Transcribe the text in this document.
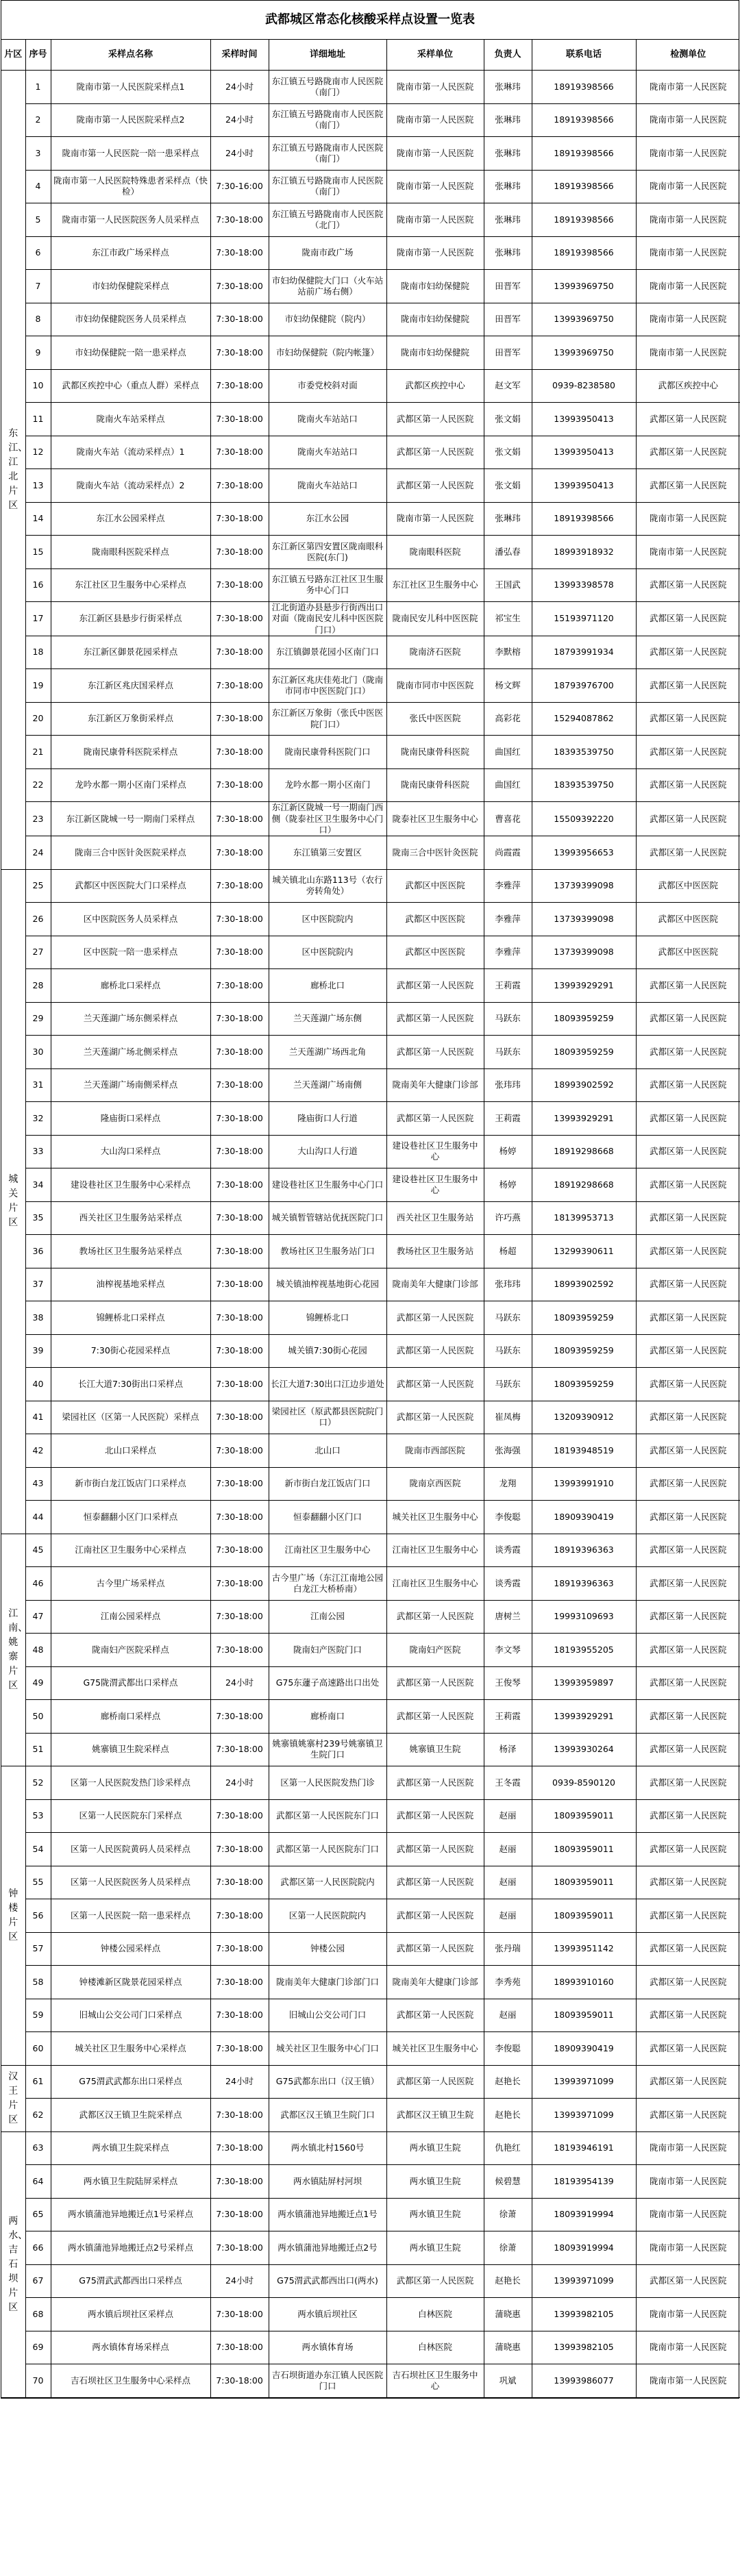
武都城区常态化核酸采样点设置一览表
片区	序号	采样点名称	采样时间	详细地址	采样单位	负责人	联系电话	检测单位
东江、江北片区	1	陇南市第一人民医院采样点1	24小时	东江镇五号路陇南市人民医院（南门）	陇南市第一人民医院	张琳玮	18919398566	陇南市第一人民医院
	2	陇南市第一人民医院采样点2	24小时	东江镇五号路陇南市人民医院（南门）	陇南市第一人民医院	张琳玮	18919398566	陇南市第一人民医院
	3	陇南市第一人民医院一陪一患采样点	24小时	东江镇五号路陇南市人民医院（南门）	陇南市第一人民医院	张琳玮	18919398566	陇南市第一人民医院
	4	陇南市第一人民医院特殊患者采样点（快检）	7:30-16:00	东江镇五号路陇南市人民医院（南门）	陇南市第一人民医院	张琳玮	18919398566	陇南市第一人民医院
	5	陇南市第一人民医院医务人员采样点	7:30-18:00	东江镇五号路陇南市人民医院（北门）	陇南市第一人民医院	张琳玮	18919398566	陇南市第一人民医院
	6	东江市政广场采样点	7:30-18:00	陇南市政广场	陇南市第一人民医院	张琳玮	18919398566	陇南市第一人民医院
	7	市妇幼保健院采样点	7:30-18:00	市妇幼保健院大门口（火车站站前广场右侧）	陇南市妇幼保健院	田晋军	13993969750	陇南市第一人民医院
	8	市妇幼保健院医务人员采样点	7:30-18:00	市妇幼保健院（院内）	陇南市妇幼保健院	田晋军	13993969750	陇南市第一人民医院
	9	市妇幼保健院一陪一患采样点	7:30-18:00	市妇幼保健院（院内帐篷）	陇南市妇幼保健院	田晋军	13993969750	陇南市第一人民医院
	10	武都区疾控中心（重点人群）采样点	7:30-18:00	市委党校斜对面	武都区疾控中心	赵文军	0939-8238580	武都区疾控中心
	11	陇南火车站采样点	7:30-18:00	陇南火车站站口	武都区第一人民医院	张文娟	13993950413	武都区第一人民医院
	12	陇南火车站（流动采样点）1	7:30-18:00	陇南火车站站口	武都区第一人民医院	张文娟	13993950413	武都区第一人民医院
	13	陇南火车站（流动采样点）2	7:30-18:00	陇南火车站站口	武都区第一人民医院	张文娟	13993950413	武都区第一人民医院
	14	东江水公园采样点	7:30-18:00	东江水公园	陇南市第一人民医院	张琳玮	18919398566	陇南市第一人民医院
	15	陇南眼科医院采样点	7:30-18:00	东江新区第四安置区陇南眼科医院(东门)	陇南眼科医院	潘弘春	18993918932	陇南市第一人民医院
	16	东江社区卫生服务中心采样点	7:30-18:00	东江镇五号路东江社区卫生服务中心门口	东江社区卫生服务中心	王国武	13993398578	武都区第一人民医院
	17	东江新区县悬步行街采样点	7:30-18:00	江北街道办县悬步行街西出口对面（陇南民安儿科中医医院门口）	陇南民安儿科中医医院	祁宝生	15193971120	武都区第一人民医院
	18	东江新区御景花园采样点	7:30-18:00	东江镇御景花园小区南门口	陇南济石医院	李默榕	18793991934	武都区第一人民医院
	19	东江新区兆庆国采样点	7:30-18:00	东江新区兆庆佳苑北门（陇南市同市中医医院门口）	陇南市同市中医医院	杨文辉	18793976700	武都区第一人民医院
	20	东江新区万象街采样点	7:30-18:00	东江新区万象街（张氏中医医院门口）	张氏中医医院	高彩花	15294087862	武都区第一人民医院
	21	陇南民康骨科医院采样点	7:30-18:00	陇南民康骨科医院门口	陇南民康骨科医院	曲国红	18393539750	武都区第一人民医院
	22	龙吟水都一期小区南门采样点	7:30-18:00	龙吟水都一期小区南门	陇南民康骨科医院	曲国红	18393539750	武都区第一人民医院
	23	东江新区陇城一号一期南门采样点	7:30-18:00	东江新区陇城一号一期南门西侧（陇泰社区卫生服务中心门口）	陇泰社区卫生服务中心	曹喜花	15509392220	武都区第一人民医院
	24	陇南三合中医针灸医院采样点	7:30-18:00	东江镇第三安置区	陇南三合中医针灸医院	尚霞霞	13993956653	武都区第一人民医院
城关片区	25	武都区中医医院大门口采样点	7:30-18:00	城关镇北山东路113号（农行旁转角处）	武都区中医医院	李雅萍	13739399098	武都区中医医院
	26	区中医院医务人员采样点	7:30-18:00	区中医院院内	武都区中医医院	李雅萍	13739399098	武都区中医医院
	27	区中医院一陪一患采样点	7:30-18:00	区中医院院内	武都区中医医院	李雅萍	13739399098	武都区中医医院
	28	廊桥北口采样点	7:30-18:00	廊桥北口	武都区第一人民医院	王莉霞	13993929291	武都区第一人民医院
	29	兰天莲湖广场东侧采样点	7:30-18:00	兰天莲湖广场东侧	武都区第一人民医院	马跃东	18093959259	武都区第一人民医院
	30	兰天莲湖广场北侧采样点	7:30-18:00	兰天莲湖广场西北角	武都区第一人民医院	马跃东	18093959259	武都区第一人民医院
	31	兰天莲湖广场南侧采样点	7:30-18:00	兰天莲湖广场南侧	陇南美年大健康门诊部	张玮玮	18993902592	武都区第一人民医院
	32	隆庙街口采样点	7:30-18:00	隆庙街口人行道	武都区第一人民医院	王莉霞	13993929291	武都区第一人民医院
	33	大山沟口采样点	7:30-18:00	大山沟口人行道	建设巷社区卫生服务中心	杨婷	18919298668	武都区第一人民医院
	34	建设巷社区卫生服务中心采样点	7:30-18:00	建设巷社区卫生服务中心门口	建设巷社区卫生服务中心	杨婷	18919298668	武都区第一人民医院
	35	西关社区卫生服务站采样点	7:30-18:00	城关镇暂管辖站优抚医院门口	西关社区卫生服务站	许巧燕	18139953713	武都区第一人民医院
	36	教场社区卫生服务站采样点	7:30-18:00	教场社区卫生服务站门口	教场社区卫生服务站	杨超	13299390611	武都区第一人民医院
	37	油榨视基地采样点	7:30-18:00	城关镇油榨视基地街心花园	陇南美年大健康门诊部	张玮玮	18993902592	武都区第一人民医院
	38	锦鲤桥北口采样点	7:30-18:00	锦鲤桥北口	武都区第一人民医院	马跃东	18093959259	武都区第一人民医院
	39	7:30街心花园采样点	7:30-18:00	城关镇7:30街心花园	武都区第一人民医院	马跃东	18093959259	武都区第一人民医院
	40	长江大道7:30街出口采样点	7:30-18:00	长江大道7:30出口江边步道处	武都区第一人民医院	马跃东	18093959259	武都区第一人民医院
	41	梁园社区（区第一人民医院）采样点	7:30-18:00	梁园社区（原武都县医院院门口）	武都区第一人民医院	崔凤梅	13209390912	武都区第一人民医院
	42	北山口采样点	7:30-18:00	北山口	陇南市西部医院	张海强	18193948519	武都区第一人民医院
	43	新市街白龙江饭店门口采样点	7:30-18:00	新市街白龙江饭店门口	陇南京西医院	龙翔	13993991910	武都区第一人民医院
	44	恒泰翻翻小区门口采样点	7:30-18:00	恒泰翻翻小区门口	城关社区卫生服务中心	李俊聪	18909390419	武都区第一人民医院
江南、姚寨片区	45	江南社区卫生服务中心采样点	7:30-18:00	江南社区卫生服务中心	江南社区卫生服务中心	谈秀霞	18919396363	武都区第一人民医院
	46	古今里广场采样点	7:30-18:00	古今里广场（东江江南地公园白龙江大桥桥南）	江南社区卫生服务中心	谈秀霞	18919396363	武都区第一人民医院
	47	江南公园采样点	7:30-18:00	江南公园	武都区第一人民医院	唐树兰	19993109693	武都区第一人民医院
	48	陇南妇产医院采样点	7:30-18:00	陇南妇产医院门口	陇南妇产医院	李文琴	18193955205	武都区第一人民医院
	49	G75陇渭武都出口采样点	24小时	G75东蘧子高速路出口出处	武都区第一人民医院	王俊琴	13993959897	武都区第一人民医院
	50	廊桥南口采样点	7:30-18:00	廊桥南口	武都区第一人民医院	王莉霞	13993929291	武都区第一人民医院
	51	姚寨镇卫生院采样点	7:30-18:00	姚寨镇姚寨村239号姚寨镇卫生院门口	姚寨镇卫生院	杨泽	13993930264	武都区第一人民医院
钟楼片区	52	区第一人民医院发热门诊采样点	24小时	区第一人民医院发热门诊	武都区第一人民医院	王冬霞	0939-8590120	武都区第一人民医院
	53	区第一人民医院东门采样点	7:30-18:00	武都区第一人民医院东门口	武都区第一人民医院	赵丽	18093959011	武都区第一人民医院
	54	区第一人民医院黄码人员采样点	7:30-18:00	武都区第一人民医院东门口	武都区第一人民医院	赵丽	18093959011	武都区第一人民医院
	55	区第一人民医院医务人员采样点	7:30-18:00	武都区第一人民医院院内	武都区第一人民医院	赵丽	18093959011	武都区第一人民医院
	56	区第一人民医院一陪一患采样点	7:30-18:00	区第一人民医院院内	武都区第一人民医院	赵丽	18093959011	武都区第一人民医院
	57	钟楼公园采样点	7:30-18:00	钟楼公园	武都区第一人民医院	张丹瑞	13993951142	武都区第一人民医院
	58	钟楼滩新区陇景花园采样点	7:30-18:00	陇南美年大健康门诊部门口	陇南美年大健康门诊部	李秀苑	18993910160	武都区第一人民医院
	59	旧城山公交公司门口采样点	7:30-18:00	旧城山公交公司门口	武都区第一人民医院	赵丽	18093959011	武都区第一人民医院
	60	城关社区卫生服务中心采样点	7:30-18:00	城关社区卫生服务中心门口	城关社区卫生服务中心	李俊聪	18909390419	武都区第一人民医院
汉王片区	61	G75渭武武都东出口采样点	24小时	G75武都东出口（汉王镇）	武都区第一人民医院	赵艳长	13993971099	武都区第一人民医院
	62	武都区汉王镇卫生院采样点	7:30-18:00	武都区汉王镇卫生院门口	武都区汉王镇卫生院	赵艳长	13993971099	武都区第一人民医院
两水、吉石坝片区	63	两水镇卫生院采样点	7:30-18:00	两水镇北村1560号	两水镇卫生院	仇艳红	18193946191	陇南市第一人民医院
	64	两水镇卫生院陆屏采样点	7:30-18:00	两水镇陆屏村河坝	两水镇卫生院	候碧慧	18193954139	陇南市第一人民医院
	65	两水镇蒲池异地搬迁点1号采样点	7:30-18:00	两水镇蒲池异地搬迁点1号	两水镇卫生院	徐萧	18093919994	陇南市第一人民医院
	66	两水镇蒲池异地搬迁点2号采样点	7:30-18:00	两水镇蒲池异地搬迁点2号	两水镇卫生院	徐萧	18093919994	陇南市第一人民医院
	67	G75渭武武都西出口采样点	24小时	G75渭武武都西出口(两水)	武都区第一人民医院	赵艳长	13993971099	武都区第一人民医院
	68	两水镇后坝社区采样点	7:30-18:00	两水镇后坝社区	白林医院	蒲晓惠	13993982105	陇南市第一人民医院
	69	两水镇体育场采样点	7:30-18:00	两水镇体育场	白林医院	蒲晓惠	13993982105	陇南市第一人民医院
	70	吉石坝社区卫生服务中心采样点	7:30-18:00	吉石坝街道办东江镇人民医院门口	吉石坝社区卫生服务中心	巩斌	13993986077	陇南市第一人民医院
